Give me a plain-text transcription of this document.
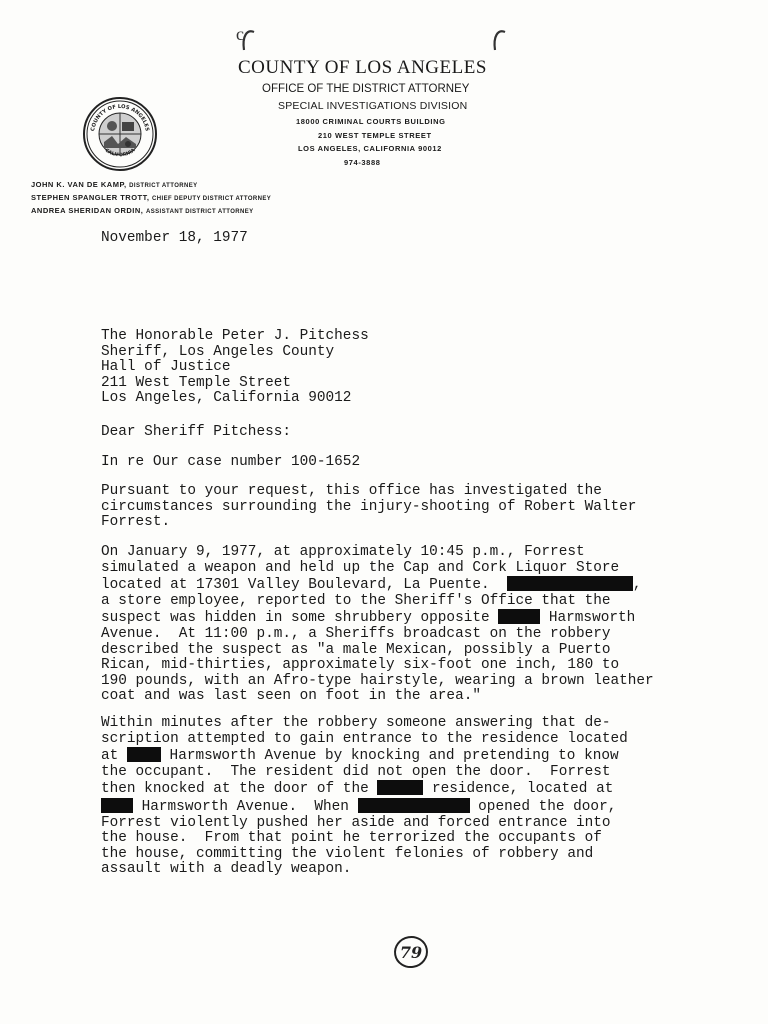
COUNTY OF LOS ANGELES
OFFICE OF THE DISTRICT ATTORNEY
SPECIAL INVESTIGATIONS DIVISION
18000 CRIMINAL COURTS BUILDING
210 WEST TEMPLE STREET
LOS ANGELES, CALIFORNIA 90012
974-3888
COUNTY OF LOS ANGELES
CALIFORNIA
JOHN K. VAN DE KAMP, DISTRICT ATTORNEY
STEPHEN SPANGLER TROTT, CHIEF DEPUTY DISTRICT ATTORNEY
ANDREA SHERIDAN ORDIN, ASSISTANT DISTRICT ATTORNEY
November 18, 1977
The Honorable Peter J. Pitchess
Sheriff, Los Angeles County
Hall of Justice
211 West Temple Street
Los Angeles, California 90012
Dear Sheriff Pitchess:
In re Our case number 100-1652
Pursuant to your request, this office has investigated the
circumstances surrounding the injury-shooting of Robert Walter
Forrest.
On January 9, 1977, at approximately 10:45 p.m., Forrest
simulated a weapon and held up the Cap and Cork Liquor Store
located at 17301 Valley Boulevard, La Puente.	,
a store employee, reported to the Sheriff's Office that the
suspect was hidden in some shrubbery opposite	Harmsworth
Avenue.  At 11:00 p.m., a Sheriffs broadcast on the robbery
described the suspect as "a male Mexican, possibly a Puerto
Rican, mid-thirties, approximately six-foot one inch, 180 to
190 pounds, with an Afro-type hairstyle, wearing a brown leather
coat and was last seen on foot in the area."
Within minutes after the robbery someone answering that de-
scription attempted to gain entrance to the residence located
at  Harmsworth Avenue by knocking and pretending to know
the occupant.  The resident did not open the door.  Forrest
then knocked at the door of the	residence, located at
Harmsworth Avenue.  When	opened the door,
Forrest violently pushed her aside and forced entrance into
the house.  From that point he terrorized the occupants of
the house, committing the violent felonies of robbery and
assault with a deadly weapon.
79
